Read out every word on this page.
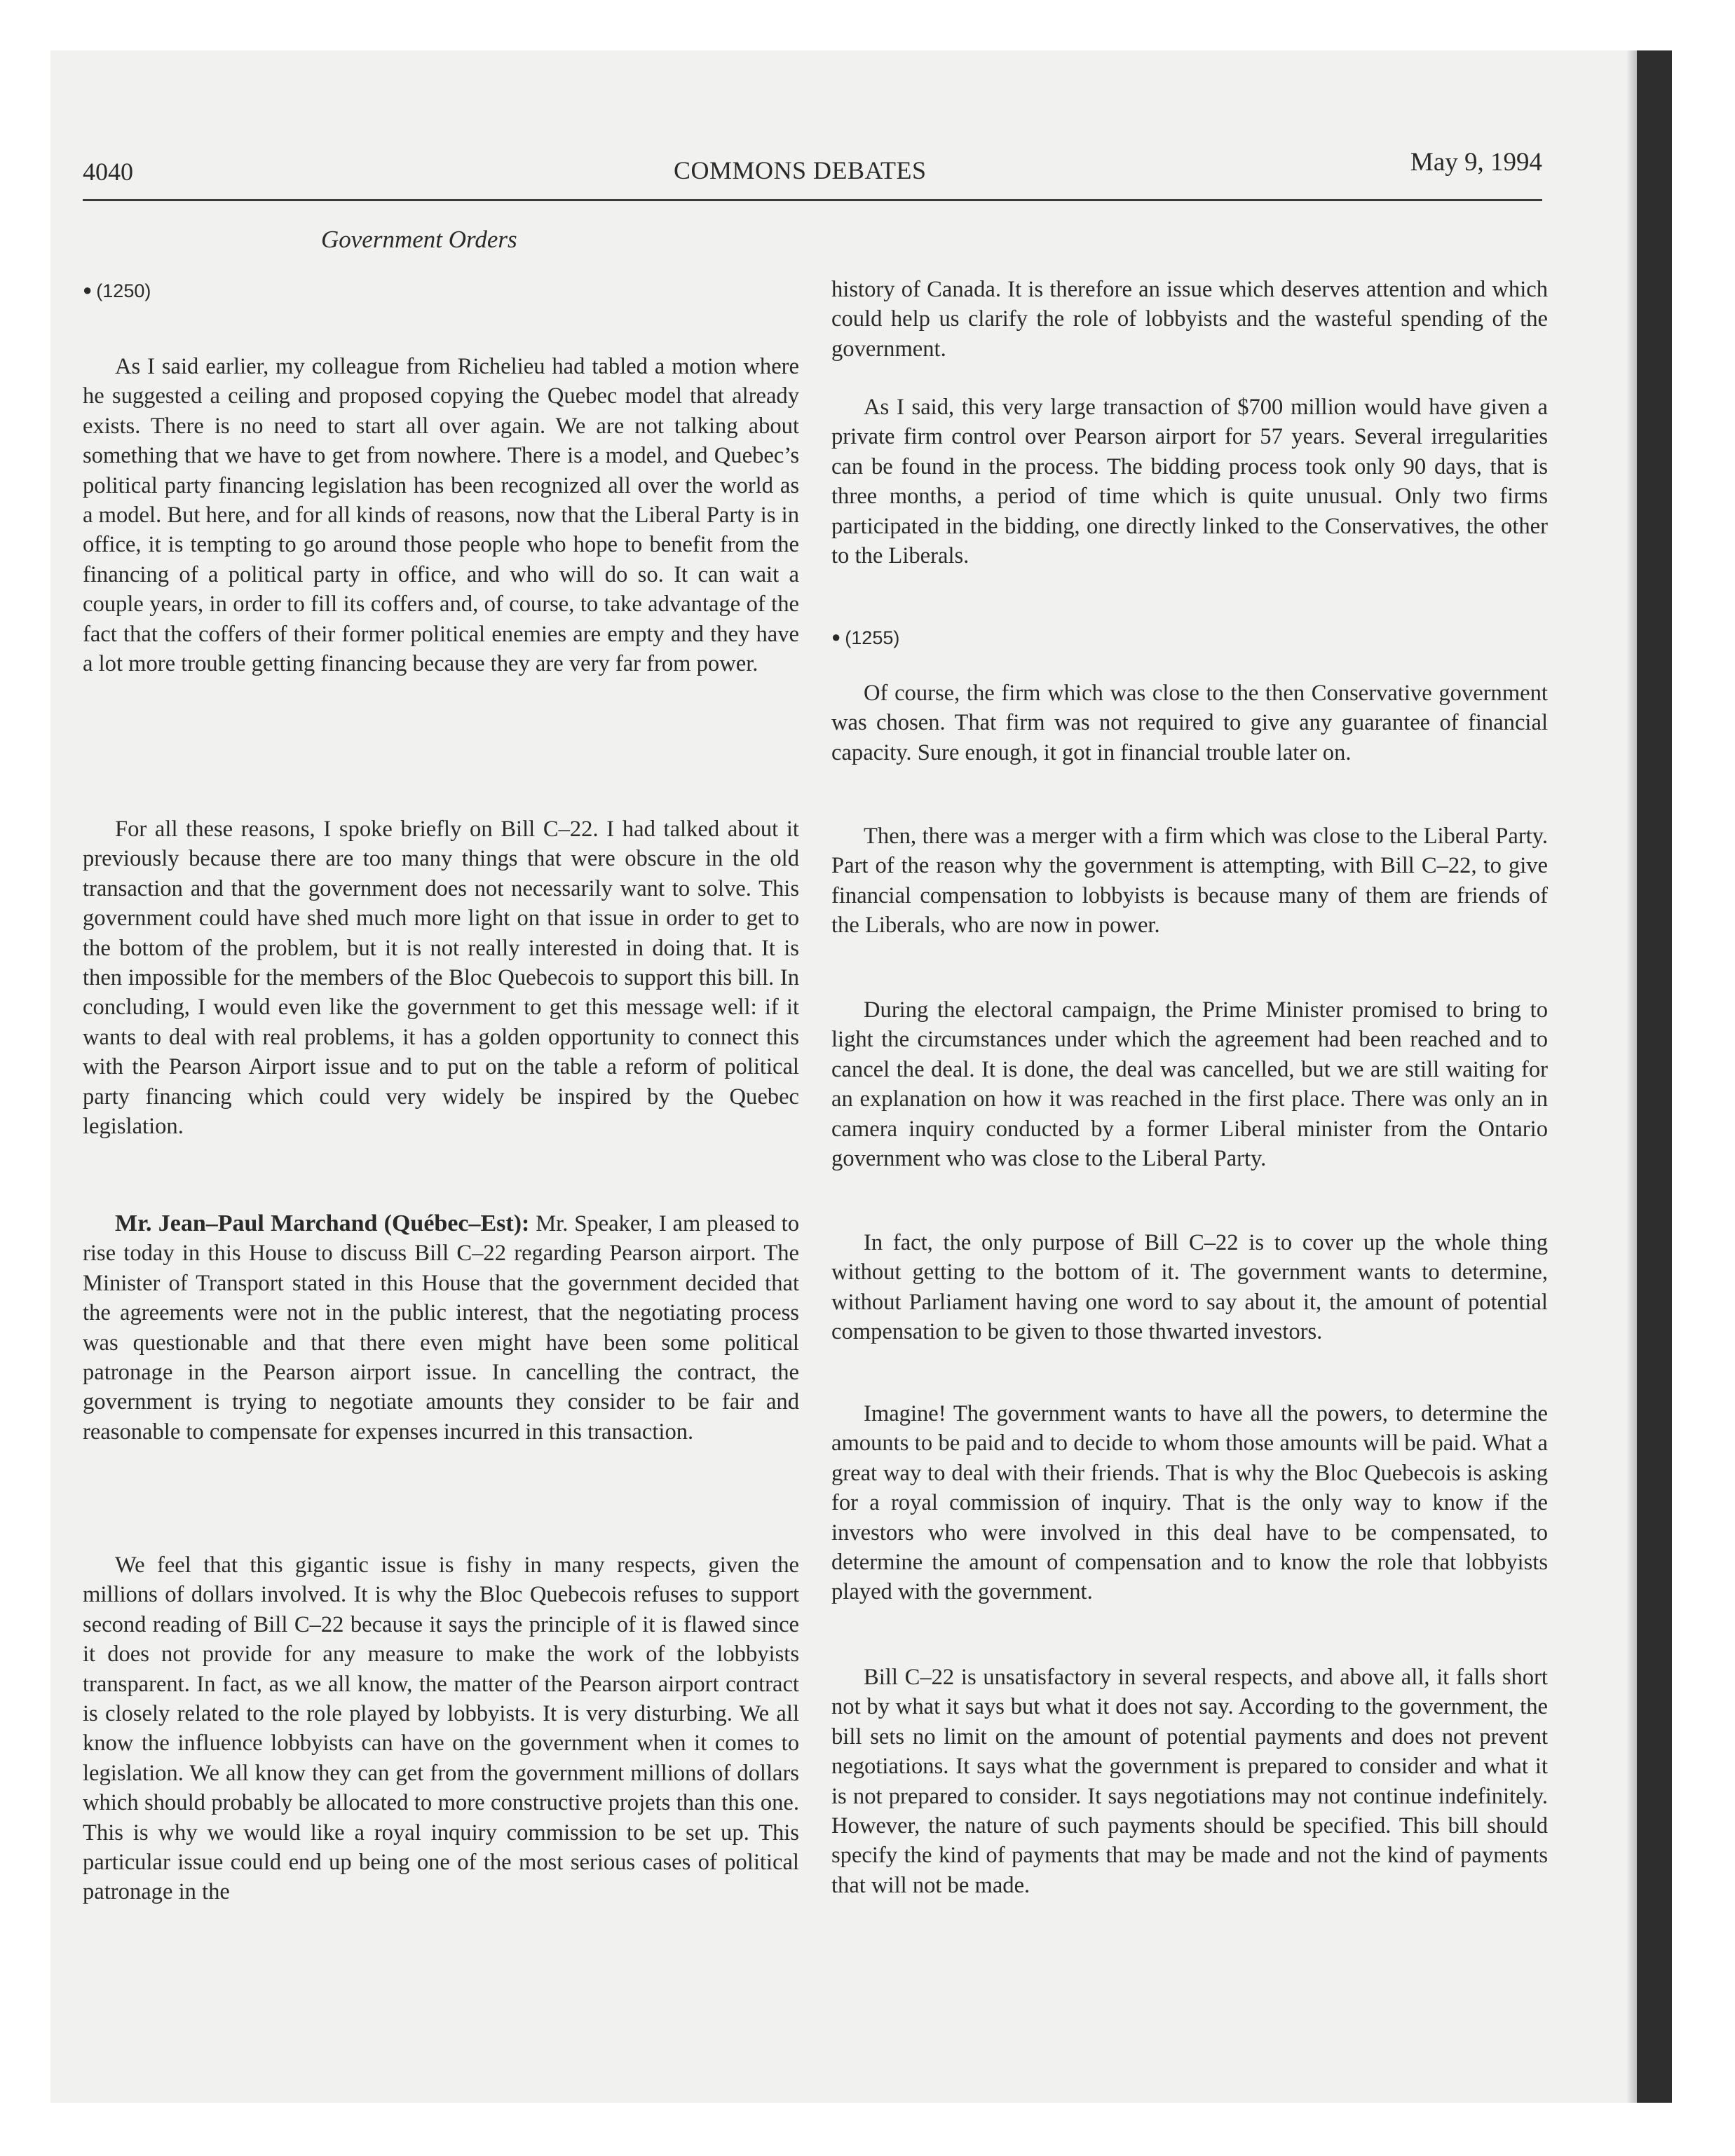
4040	COMMONS DEBATES	May 9, 1994
Government Orders
● (1250)

As I said earlier, my colleague from Richelieu had tabled a motion where he suggested a ceiling and proposed copying the Quebec model that already exists. There is no need to start all over again. We are not talking about something that we have to get from nowhere. There is a model, and Quebec’s political party financing legislation has been recognized all over the world as a model. But here, and for all kinds of reasons, now that the Liberal Party is in office, it is tempting to go around those people who hope to benefit from the financing of a political party in office, and who will do so. It can wait a couple years, in order to fill its coffers and, of course, to take advantage of the fact that the coffers of their former political enemies are empty and they have a lot more trouble getting financing because they are very far from power.

For all these reasons, I spoke briefly on Bill C–22. I had talked about it previously because there are too many things that were obscure in the old transaction and that the government does not necessarily want to solve. This government could have shed much more light on that issue in order to get to the bottom of the problem, but it is not really interested in doing that. It is then impossible for the members of the Bloc Quebecois to support this bill. In concluding, I would even like the government to get this message well: if it wants to deal with real problems, it has a golden opportunity to connect this with the Pearson Airport issue and to put on the table a reform of political party financing which could very widely be inspired by the Quebec legislation.

Mr. Jean–Paul Marchand (Québec–Est): Mr. Speaker, I am pleased to rise today in this House to discuss Bill C–22 regarding Pearson airport. The Minister of Transport stated in this House that the government decided that the agreements were not in the public interest, that the negotiating process was questionable and that there even might have been some political patronage in the Pearson airport issue. In cancelling the contract, the government is trying to negotiate amounts they consider to be fair and reasonable to compensate for expenses incurred in this transaction.

We feel that this gigantic issue is fishy in many respects, given the millions of dollars involved. It is why the Bloc Quebecois refuses to support second reading of Bill C–22 because it says the principle of it is flawed since it does not provide for any measure to make the work of the lobbyists transparent. In fact, as we all know, the matter of the Pearson airport contract is closely related to the role played by lobbyists. It is very disturbing. We all know the influence lobbyists can have on the government when it comes to legislation. We all know they can get from the government millions of dollars which should probably be allocated to more constructive projets than this one. This is why we would like a royal inquiry commission to be set up. This particular issue could end up being one of the most serious cases of political patronage in the

history of Canada. It is therefore an issue which deserves attention and which could help us clarify the role of lobbyists and the wasteful spending of the government.

As I said, this very large transaction of $700 million would have given a private firm control over Pearson airport for 57 years. Several irregularities can be found in the process. The bidding process took only 90 days, that is three months, a period of time which is quite unusual. Only two firms participated in the bidding, one directly linked to the Conservatives, the other to the Liberals.

● (1255)

Of course, the firm which was close to the then Conservative government was chosen. That firm was not required to give any guarantee of financial capacity. Sure enough, it got in financial trouble later on.

Then, there was a merger with a firm which was close to the Liberal Party. Part of the reason why the government is attempting, with Bill C–22, to give financial compensation to lobbyists is because many of them are friends of the Liberals, who are now in power.

During the electoral campaign, the Prime Minister promised to bring to light the circumstances under which the agreement had been reached and to cancel the deal. It is done, the deal was cancelled, but we are still waiting for an explanation on how it was reached in the first place. There was only an in camera inquiry conducted by a former Liberal minister from the Ontario government who was close to the Liberal Party.

In fact, the only purpose of Bill C–22 is to cover up the whole thing without getting to the bottom of it. The government wants to determine, without Parliament having one word to say about it, the amount of potential compensation to be given to those thwarted investors.

Imagine! The government wants to have all the powers, to determine the amounts to be paid and to decide to whom those amounts will be paid. What a great way to deal with their friends. That is why the Bloc Quebecois is asking for a royal commission of inquiry. That is the only way to know if the investors who were involved in this deal have to be compensated, to determine the amount of compensation and to know the role that lobbyists played with the government.

Bill C–22 is unsatisfactory in several respects, and above all, it falls short not by what it says but what it does not say. According to the government, the bill sets no limit on the amount of potential payments and does not prevent negotiations. It says what the government is prepared to consider and what it is not prepared to consider. It says negotiations may not continue indefinitely. However, the nature of such payments should be specified. This bill should specify the kind of payments that may be made and not the kind of payments that will not be made.
